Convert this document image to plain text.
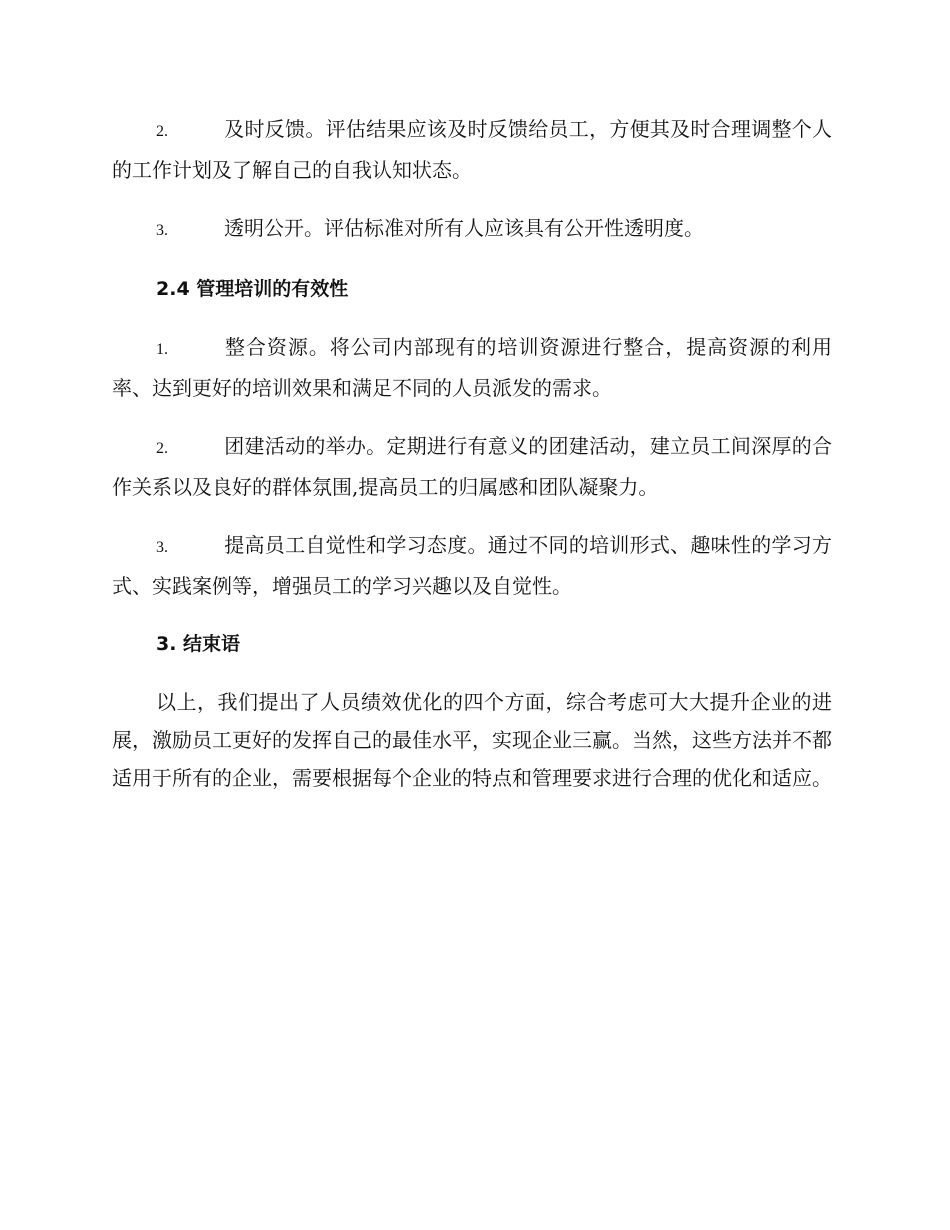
2.	及时反馈。评估结果应该及时反馈给员工，方便其及时合理调整个人的工作计划及了解自己的自我认知状态。

3.	透明公开。评估标准对所有人应该具有公开性透明度。

2.4 管理培训的有效性

1.	整合资源。将公司内部现有的培训资源进行整合，提高资源的利用率、达到更好的培训效果和满足不同的人员派发的需求。

2.	团建活动的举办。定期进行有意义的团建活动，建立员工间深厚的合作关系以及良好的群体氛围,提高员工的归属感和团队凝聚力。

3.	提高员工自觉性和学习态度。通过不同的培训形式、趣味性的学习方式、实践案例等，增强员工的学习兴趣以及自觉性。

3. 结束语

以上，我们提出了人员绩效优化的四个方面，综合考虑可大大提升企业的进展，激励员工更好的发挥自己的最佳水平，实现企业三赢。当然，这些方法并不都适用于所有的企业，需要根据每个企业的特点和管理要求进行合理的优化和适应。
